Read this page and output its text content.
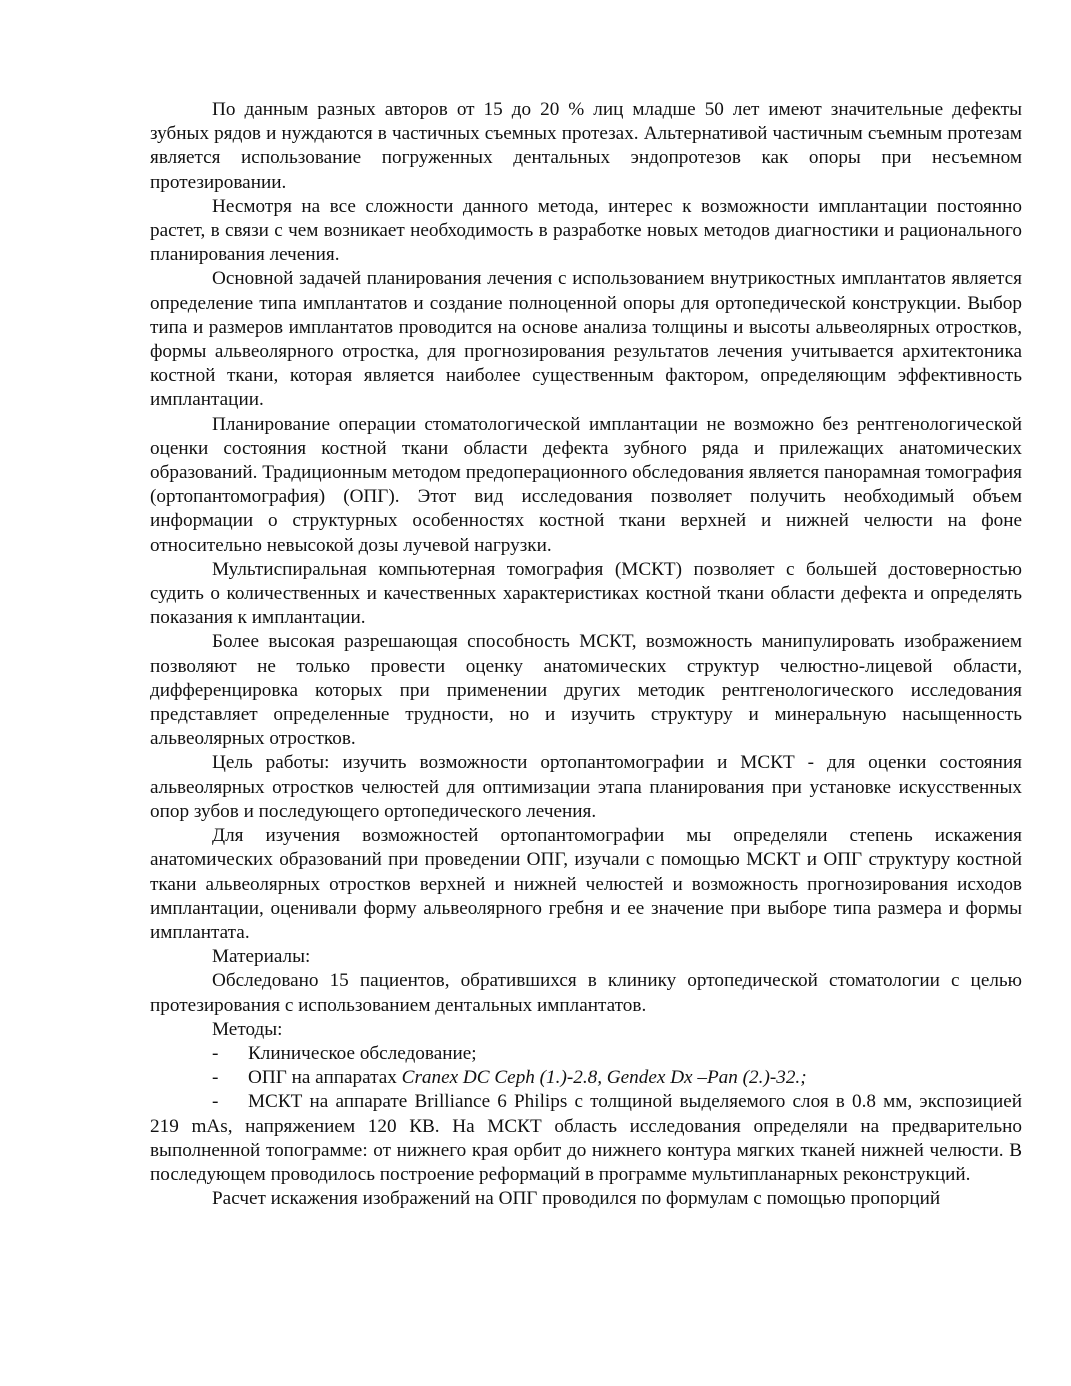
По данным разных авторов от 15 до 20 % лиц младше 50 лет имеют значительные дефекты зубных рядов и нуждаются в частичных съемных протезах. Альтернативой частичным съемным протезам является использование погруженных дентальных эндопротезов как опоры при несъемном протезировании.

Несмотря на все сложности данного метода, интерес к возможности имплантации постоянно растет, в связи с чем возникает необходимость в разработке новых методов диагностики и рационального планирования лечения.

Основной задачей планирования лечения с использованием внутрикостных имплантатов является определение типа имплантатов и создание полноценной опоры для ортопедической конструкции. Выбор типа и размеров имплантатов проводится на основе анализа толщины и высоты альвеолярных отростков, формы альвеолярного отростка, для прогнозирования результатов лечения учитывается архитектоника костной ткани, которая является наиболее существенным фактором, определяющим эффективность имплантации.

Планирование операции стоматологической имплантации не возможно без рентгенологической оценки состояния костной ткани области дефекта зубного ряда и прилежащих анатомических образований. Традиционным методом предоперационного обследования является панорамная томография (ортопантомография) (ОПГ). Этот вид исследования позволяет получить необходимый объем информации о структурных особенностях костной ткани верхней и нижней челюсти на фоне относительно невысокой дозы лучевой нагрузки.

Мультиспиральная компьютерная томография (МСКТ) позволяет с большей достоверностью судить о количественных и качественных характеристиках костной ткани области дефекта и определять показания к имплантации.

Более высокая разрешающая способность МСКТ, возможность манипулировать изображением позволяют не только провести оценку анатомических структур челюстно-лицевой области, дифференцировка которых при применении других методик рентгенологического исследования представляет определенные трудности, но и изучить структуру и минеральную насыщенность альвеолярных отростков.

Цель работы: изучить возможности ортопантомографии и МСКТ - для оценки состояния альвеолярных отростков челюстей для оптимизации этапа планирования при установке искусственных опор зубов и последующего ортопедического лечения.

Для изучения возможностей ортопантомографии мы определяли степень искажения анатомических образований при проведении ОПГ, изучали с помощью МСКТ и ОПГ структуру костной ткани альвеолярных отростков верхней и нижней челюстей и возможность прогнозирования исходов имплантации, оценивали форму альвеолярного гребня и ее значение при выборе типа размера и формы имплантата.

Материалы:

Обследовано 15 пациентов, обратившихся в клинику ортопедической стоматологии с целью протезирования с использованием дентальных имплантатов.

Методы:

- Клиническое обследование;

- ОПГ на аппаратах Cranex DC Ceph (1.)-2.8, Gendex Dx –Pan (2.)-32.;

- МСКТ на аппарате Brilliance 6 Philips с толщиной выделяемого слоя в 0.8 мм, экспозицией 219 mAs, напряжением 120 КВ. На МСКТ область исследования определяли на предварительно выполненной топограмме: от нижнего края орбит до нижнего контура мягких тканей нижней челюсти. В последующем проводилось построение реформаций в программе мультипланарных реконструкций.

Расчет искажения изображений на ОПГ проводился по формулам с помощью пропорций
